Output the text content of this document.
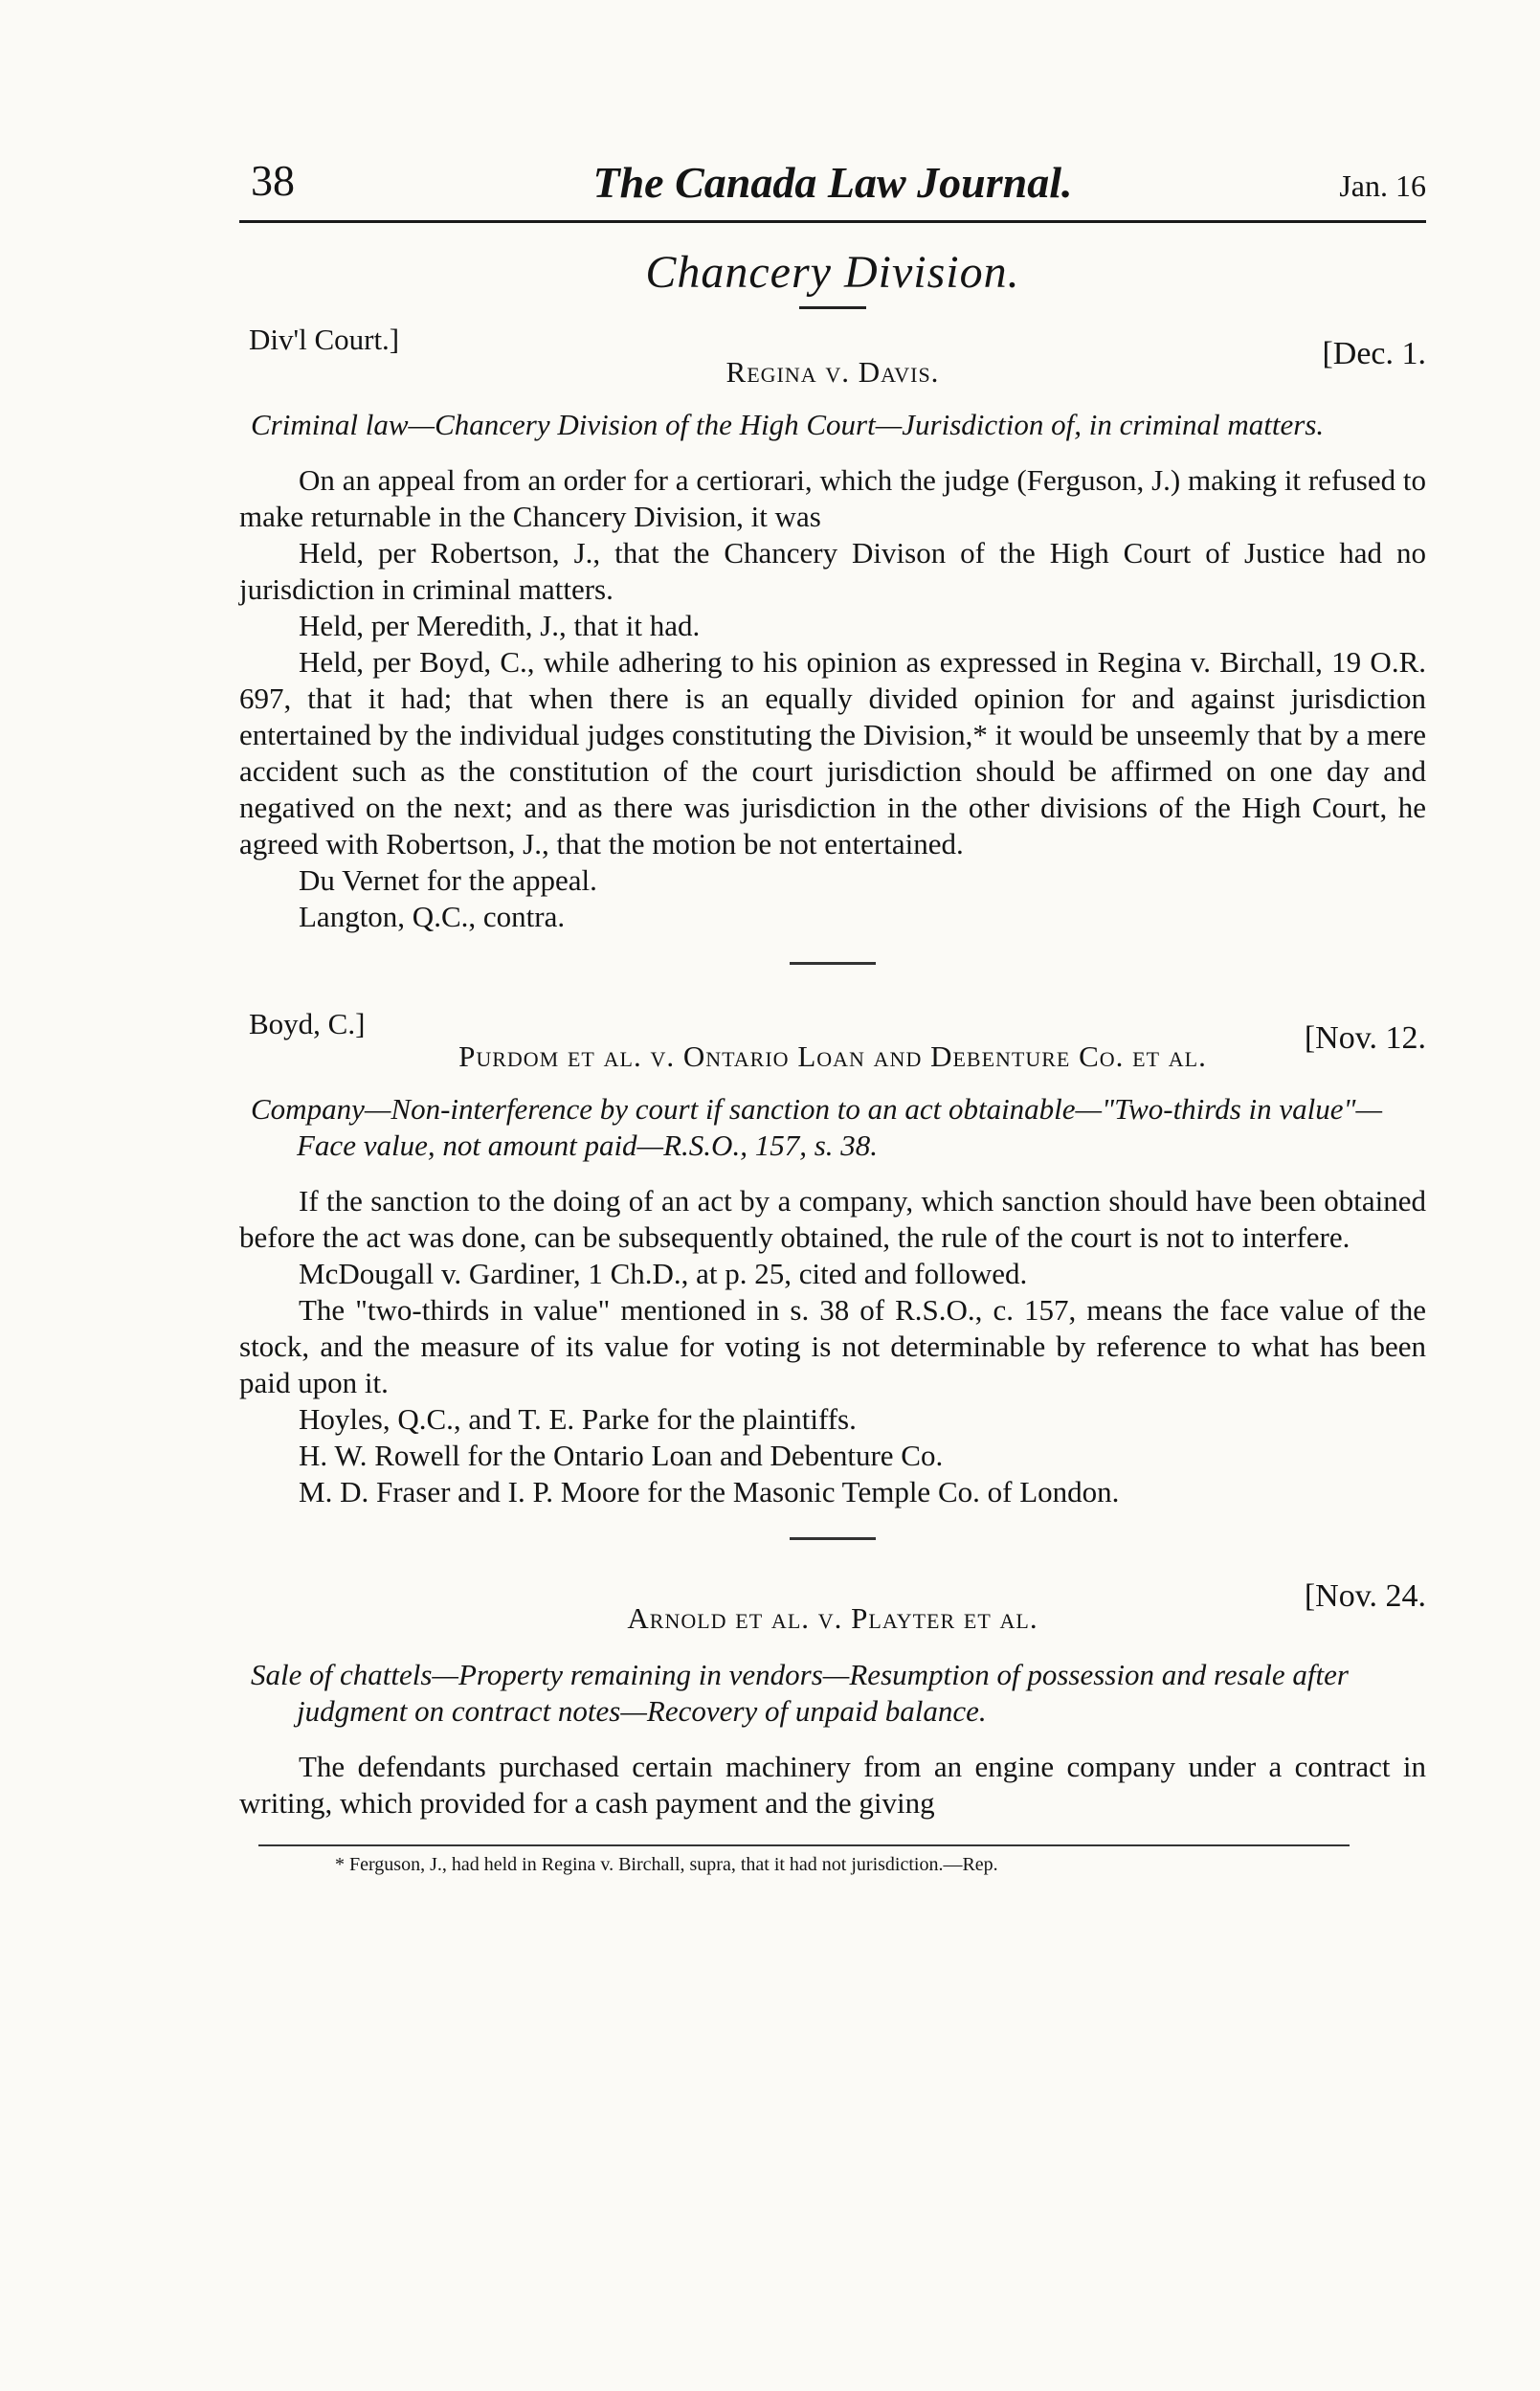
38	The Canada Law Journal.	Jan. 16
Chancery Division.
Div'l Court.]
Regina v. Davis.
[Dec. 1.
Criminal law—Chancery Division of the High Court—Jurisdiction of, in criminal matters.

On an appeal from an order for a certiorari, which the judge (Ferguson, J.) making it refused to make returnable in the Chancery Division, it was

Held, per Robertson, J., that the Chancery Divison of the High Court of Justice had no jurisdiction in criminal matters.

Held, per Meredith, J., that it had.

Held, per Boyd, C., while adhering to his opinion as expressed in Regina v. Birchall, 19 O.R. 697, that it had; that when there is an equally divided opinion for and against jurisdiction entertained by the individual judges constituting the Division,* it would be unseemly that by a mere accident such as the constitution of the court jurisdiction should be affirmed on one day and negatived on the next; and as there was jurisdiction in the other divisions of the High Court, he agreed with Robertson, J., that the motion be not entertained.

Du Vernet for the appeal.

Langton, Q.C., contra.

Boyd, C.]
Purdom et al. v. Ontario Loan and Debenture Co. et al.
[Nov. 12.
Company—Non-interference by court if sanction to an act obtainable—"Two-thirds in value"—Face value, not amount paid—R.S.O., 157, s. 38.

If the sanction to the doing of an act by a company, which sanction should have been obtained before the act was done, can be subsequently obtained, the rule of the court is not to interfere.

McDougall v. Gardiner, 1 Ch.D., at p. 25, cited and followed.

The "two-thirds in value" mentioned in s. 38 of R.S.O., c. 157, means the face value of the stock, and the measure of its value for voting is not determinable by reference to what has been paid upon it.

Hoyles, Q.C., and T. E. Parke for the plaintiffs.

H. W. Rowell for the Ontario Loan and Debenture Co.

M. D. Fraser and I. P. Moore for the Masonic Temple Co. of London.

Arnold et al. v. Playter et al.
[Nov. 24.
Sale of chattels—Property remaining in vendors—Resumption of possession and resale after judgment on contract notes—Recovery of unpaid balance.

The defendants purchased certain machinery from an engine company under a contract in writing, which provided for a cash payment and the giving

* Ferguson, J., had held in Regina v. Birchall, supra, that it had not jurisdiction.—Rep.
